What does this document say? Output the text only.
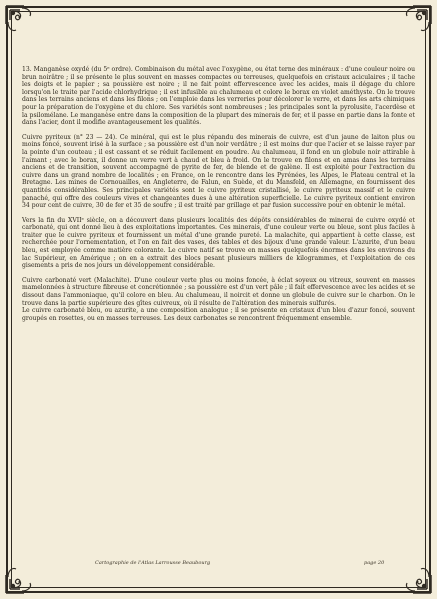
13. Manganèse oxydé (du 5ᵉ ordre). Combinaison du métal avec l'oxygène, ou état terne des minéraux : d'une couleur noire ou brun noirâtre ; il se présente le plus souvent en masses compactes ou terreuses, quelquefois en cristaux aciculaires ; il tache les doigts et le papier ; sa poussière est noire ; il ne fait point effervescence avec les acides, mais il dégage du chlore lorsqu'on le traite par l'acide chlorhydrique ; il est infusible au chalumeau et colore le borax en violet améthyste. On le trouve dans les terrains anciens et dans les filons ; on l'emploie dans les verreries pour décolorer le verre, et dans les arts chimiques pour la préparation de l'oxygène et du chlore. Ses variétés sont nombreuses ; les principales sont la pyrolusite, l'acerdèse et la psilomélane. Le manganèse entre dans la composition de la plupart des minerais de fer, et il passe en partie dans la fonte et dans l'acier, dont il modifie avantageusement les qualités.

Cuivre pyriteux (n° 23 — 24). Ce minéral, qui est le plus répandu des minerais de cuivre, est d'un jaune de laiton plus ou moins foncé, souvent irisé à la surface ; sa poussière est d'un noir verdâtre ; il est moins dur que l'acier et se laisse rayer par la pointe d'un couteau ; il est cassant et se réduit facilement en poudre. Au chalumeau, il fond en un globule noir attirable à l'aimant ; avec le borax, il donne un verre vert à chaud et bleu à froid. On le trouve en filons et en amas dans les terrains anciens et de transition, souvent accompagné de pyrite de fer, de blende et de galène. Il est exploité pour l'extraction du cuivre dans un grand nombre de localités ; en France, on le rencontre dans les Pyrénées, les Alpes, le Plateau central et la Bretagne. Les mines de Cornouailles, en Angleterre, de Falun, en Suède, et du Mansfeld, en Allemagne, en fournissent des quantités considérables. Ses principales variétés sont le cuivre pyriteux cristallisé, le cuivre pyriteux massif et le cuivre panaché, qui offre des couleurs vives et changeantes dues à une altération superficielle. Le cuivre pyriteux contient environ 34 pour cent de cuivre, 30 de fer et 35 de soufre ; il est traité par grillage et par fusion successive pour en obtenir le métal.

Vers la fin du XVIIᵉ siècle, on a découvert dans plusieurs localités des dépôts considérables de minerai de cuivre oxydé et carbonaté, qui ont donné lieu à des exploitations importantes. Ces minerais, d'une couleur verte ou bleue, sont plus faciles à traiter que le cuivre pyriteux et fournissent un métal d'une grande pureté. La malachite, qui appartient à cette classe, est recherchée pour l'ornementation, et l'on en fait des vases, des tables et des bijoux d'une grande valeur. L'azurite, d'un beau bleu, est employée comme matière colorante. Le cuivre natif se trouve en masses quelquefois énormes dans les environs du lac Supérieur, en Amérique ; on en a extrait des blocs pesant plusieurs milliers de kilogrammes, et l'exploitation de ces gisements a pris de nos jours un développement considérable.

Cuivre carbonaté vert (Malachite). D'une couleur verte plus ou moins foncée, à éclat soyeux ou vitreux, souvent en masses mamelonnées à structure fibreuse et concrétionnée ; sa poussière est d'un vert pâle ; il fait effervescence avec les acides et se dissout dans l'ammoniaque, qu'il colore en bleu. Au chalumeau, il noircit et donne un globule de cuivre sur le charbon. On le trouve dans la partie supérieure des gîtes cuivreux, où il résulte de l'altération des minerais sulfurés.

Le cuivre carbonaté bleu, ou azurite, a une composition analogue ; il se présente en cristaux d'un bleu d'azur foncé, souvent groupés en rosettes, ou en masses terreuses. Les deux carbonates se rencontrent fréquemment ensemble.

Cartographie de l'Atlas Larrousse Beaubourg	page 20
